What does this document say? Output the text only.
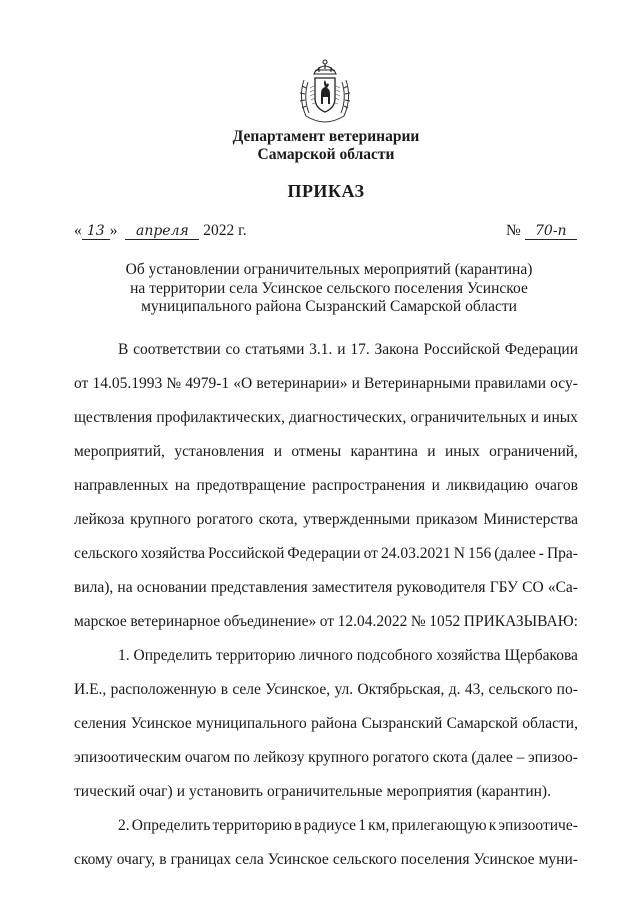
Департамент ветеринарии
Самарской области
ПРИКАЗ
« 13 » апреля 2022 г.	№ 70-п
Об установлении ограничительных мероприятий (карантина)
на территории села Усинское сельского поселения Усинское
муниципального района Сызранский Самарской области
В соответствии со статьями 3.1. и 17. Закона Российской Федерации
от 14.05.1993 № 4979-1 «О ветеринарии» и Ветеринарными правилами осу-
ществления профилактических, диагностических, ограничительных и иных
мероприятий, установления и отмены карантина и иных ограничений,
направленных на предотвращение распространения и ликвидацию очагов
лейкоза крупного рогатого скота, утвержденными приказом Министерства
сельского хозяйства Российской Федерации от 24.03.2021 N 156 (далее - Пра-
вила), на основании представления заместителя руководителя ГБУ СО «Са-
марское ветеринарное объединение» от 12.04.2022 № 1052 ПРИКАЗЫВАЮ:
1. Определить территорию личного подсобного хозяйства Щербакова
И.Е., расположенную в селе Усинское, ул. Октябрьская, д. 43, сельского по-
селения Усинское муниципального района Сызранский Самарской области,
эпизоотическим очагом по лейкозу крупного рогатого скота (далее – эпизоо-
тический очаг) и установить ограничительные мероприятия (карантин).
2. Определить территорию в радиусе 1 км, прилегающую к эпизоотиче-
скому очагу, в границах села Усинское сельского поселения Усинское муни-
